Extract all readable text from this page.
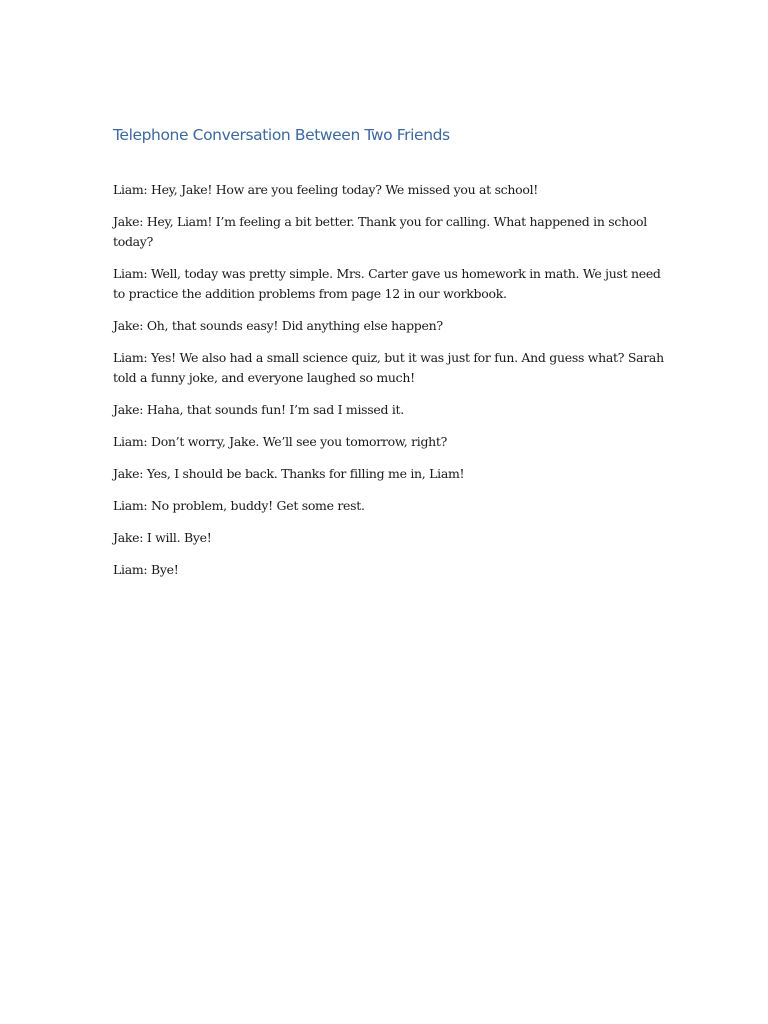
Telephone Conversation Between Two Friends

Liam: Hey, Jake! How are you feeling today? We missed you at school!

Jake: Hey, Liam! I’m feeling a bit better. Thank you for calling. What happened in school today?

Liam: Well, today was pretty simple. Mrs. Carter gave us homework in math. We just need to practice the addition problems from page 12 in our workbook.

Jake: Oh, that sounds easy! Did anything else happen?

Liam: Yes! We also had a small science quiz, but it was just for fun. And guess what? Sarah told a funny joke, and everyone laughed so much!

Jake: Haha, that sounds fun! I’m sad I missed it.

Liam: Don’t worry, Jake. We’ll see you tomorrow, right?

Jake: Yes, I should be back. Thanks for filling me in, Liam!

Liam: No problem, buddy! Get some rest.

Jake: I will. Bye!

Liam: Bye!
